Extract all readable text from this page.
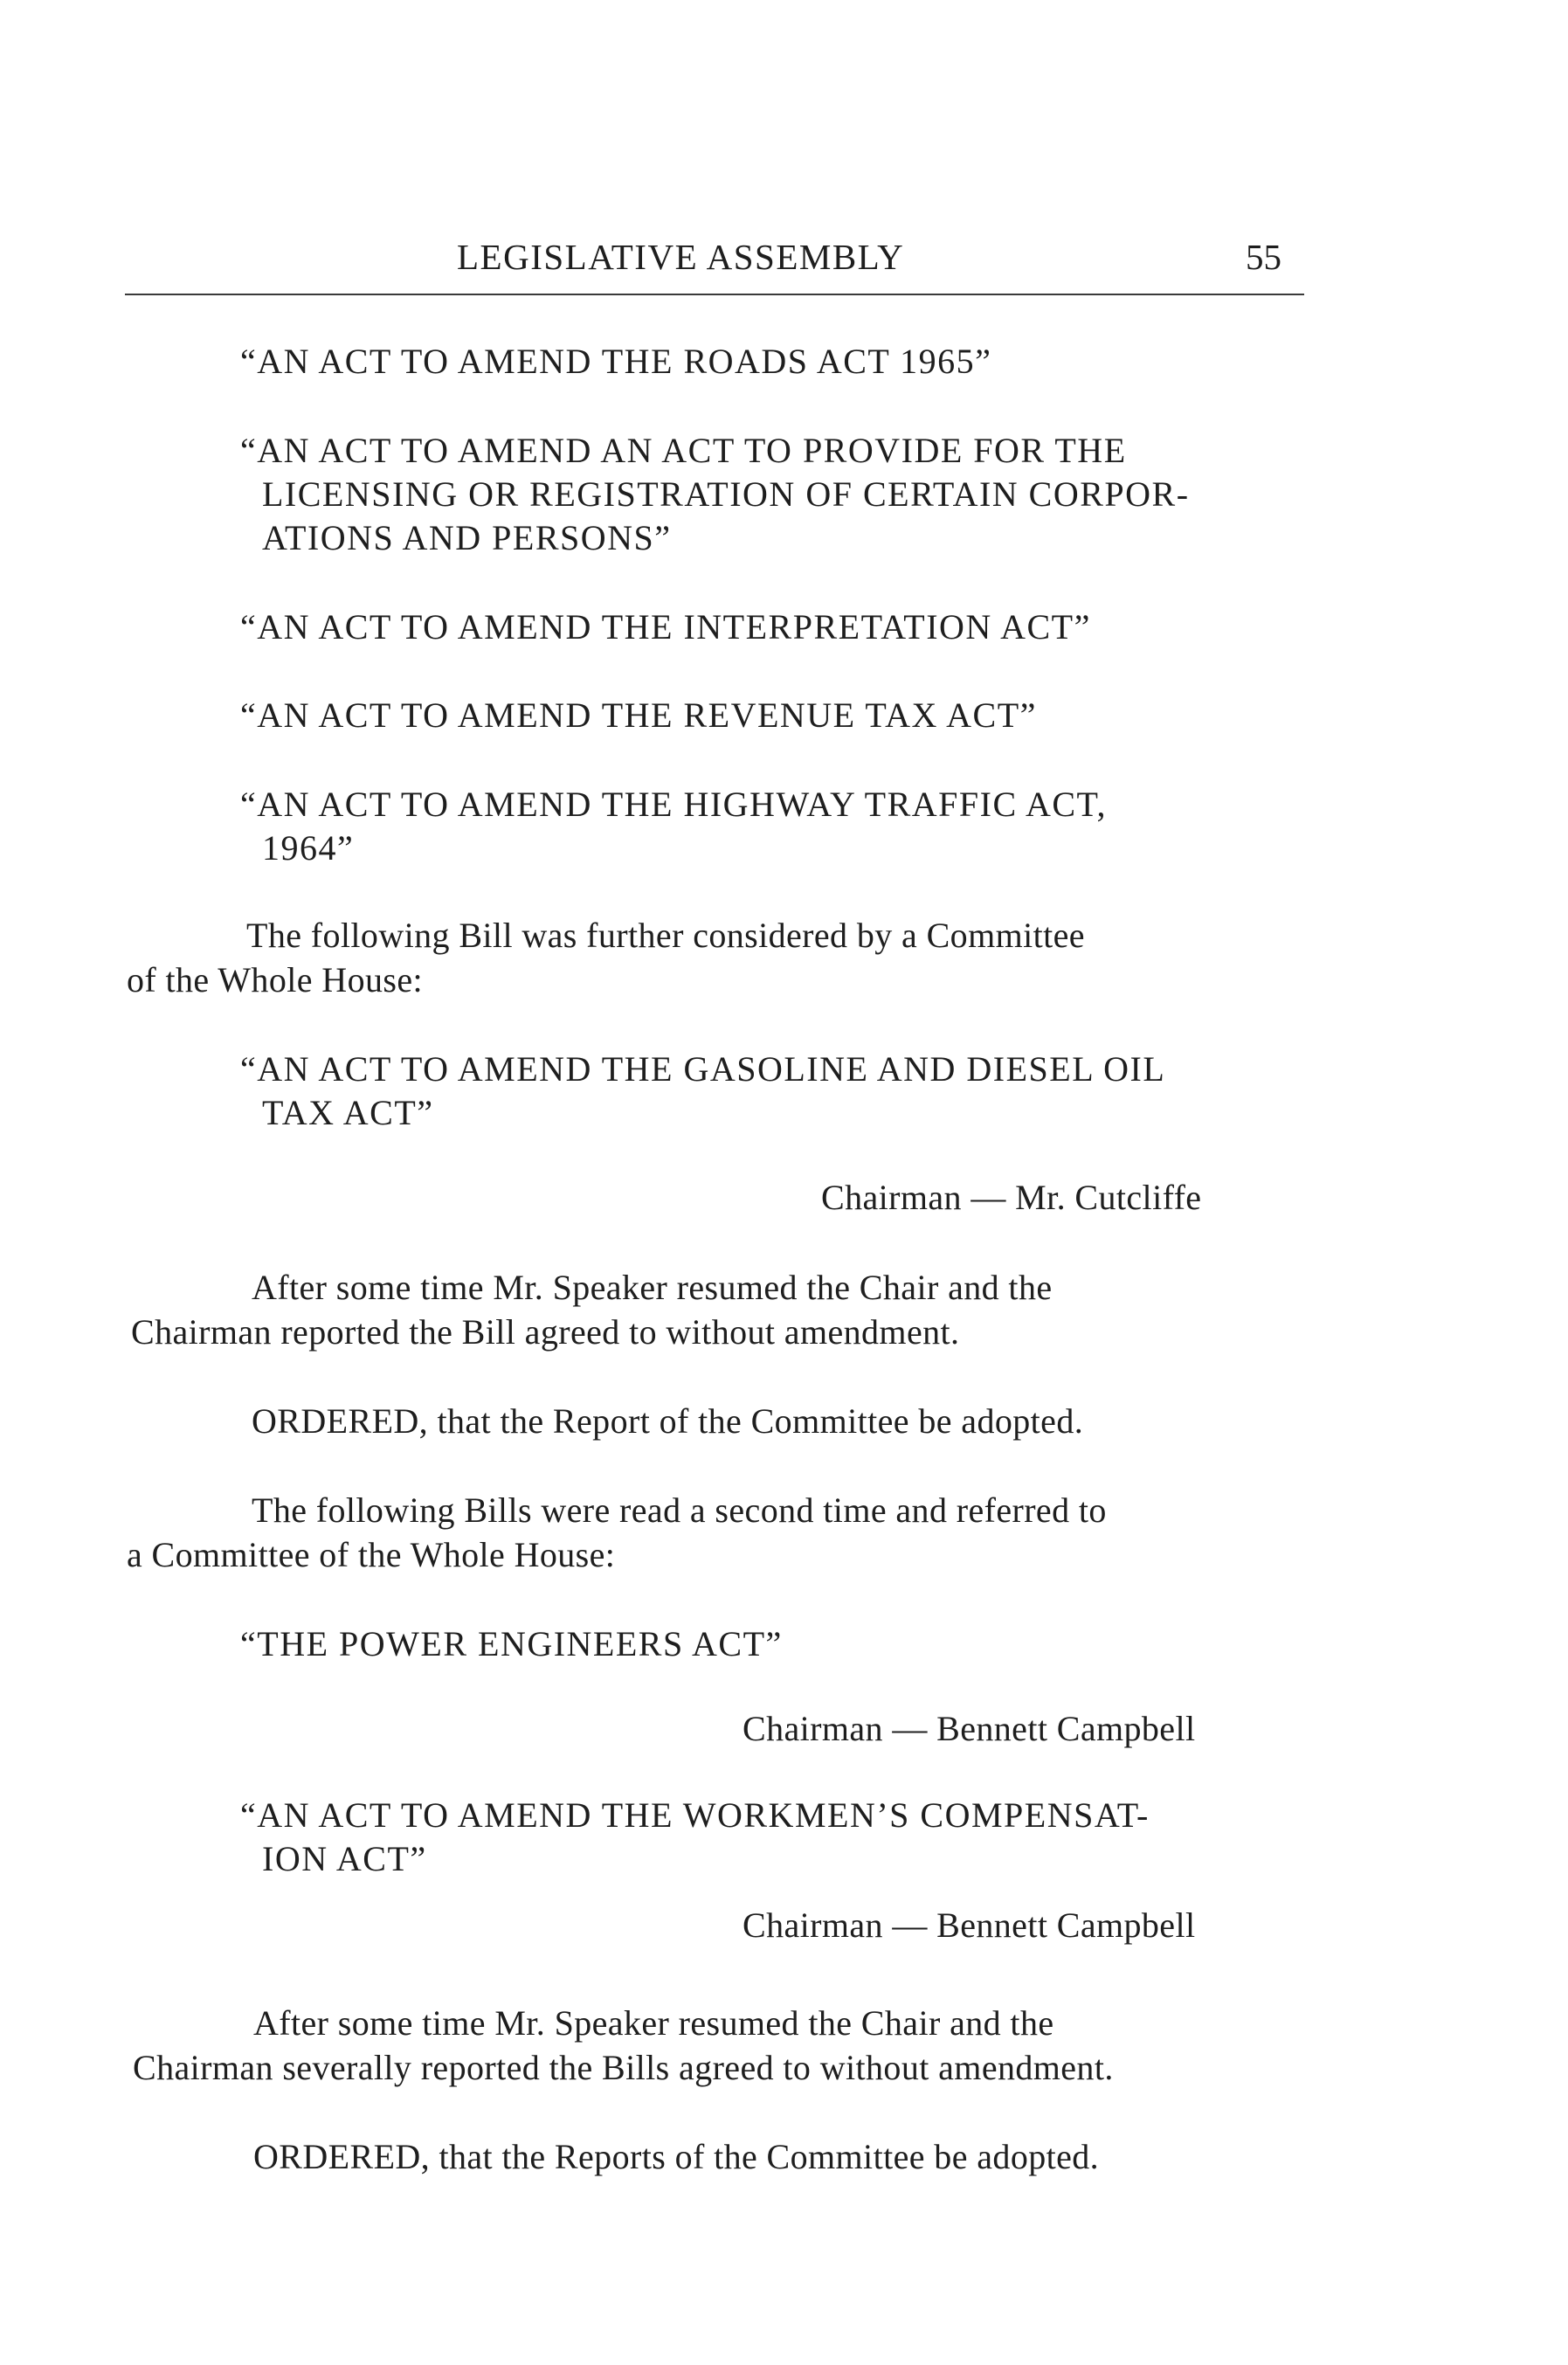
LEGISLATIVE ASSEMBLY	55
“AN ACT TO AMEND THE ROADS ACT 1965”
“AN ACT TO AMEND AN ACT TO PROVIDE FOR THE
LICENSING OR REGISTRATION OF CERTAIN CORPOR-
ATIONS AND PERSONS”
“AN ACT TO AMEND THE INTERPRETATION ACT”
“AN ACT TO AMEND THE REVENUE TAX ACT”
“AN ACT TO AMEND THE HIGHWAY TRAFFIC ACT,
1964”
The following Bill was further considered by a Committee
of the Whole House:
“AN ACT TO AMEND THE GASOLINE AND DIESEL OIL
TAX ACT”
Chairman — Mr. Cutcliffe
After some time Mr. Speaker resumed the Chair and the
Chairman reported the Bill agreed to without amendment.
ORDERED, that the Report of the Committee be adopted.
The following Bills were read a second time and referred to
a Committee of the Whole House:
“THE POWER ENGINEERS ACT”
Chairman — Bennett Campbell
“AN ACT TO AMEND THE WORKMEN’S COMPENSAT-
ION ACT”
Chairman — Bennett Campbell
After some time Mr. Speaker resumed the Chair and the
Chairman severally reported the Bills agreed to without amendment.
ORDERED, that the Reports of the Committee be adopted.
